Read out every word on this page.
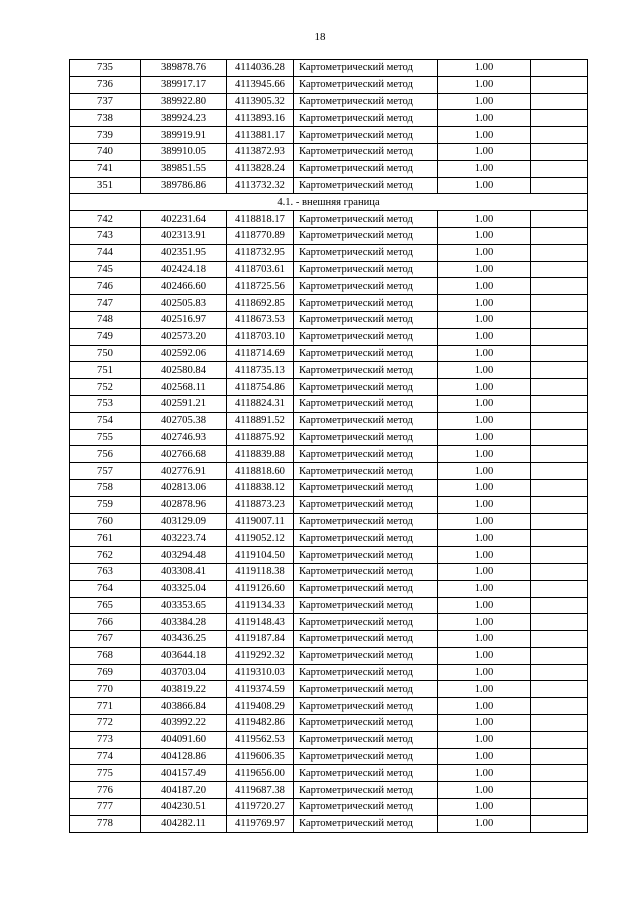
18
735	389878.76	4114036.28	Картометрический метод	1.00		
736	389917.17	4113945.66	Картометрический метод	1.00		
737	389922.80	4113905.32	Картометрический метод	1.00		
738	389924.23	4113893.16	Картометрический метод	1.00		
739	389919.91	4113881.17	Картометрический метод	1.00		
740	389910.05	4113872.93	Картометрический метод	1.00		
741	389851.55	4113828.24	Картометрический метод	1.00		
351	389786.86	4113732.32	Картометрический метод	1.00		
4.1. - внешняя граница						
742	402231.64	4118818.17	Картометрический метод	1.00		
743	402313.91	4118770.89	Картометрический метод	1.00		
744	402351.95	4118732.95	Картометрический метод	1.00		
745	402424.18	4118703.61	Картометрический метод	1.00		
746	402466.60	4118725.56	Картометрический метод	1.00		
747	402505.83	4118692.85	Картометрический метод	1.00		
748	402516.97	4118673.53	Картометрический метод	1.00		
749	402573.20	4118703.10	Картометрический метод	1.00		
750	402592.06	4118714.69	Картометрический метод	1.00		
751	402580.84	4118735.13	Картометрический метод	1.00		
752	402568.11	4118754.86	Картометрический метод	1.00		
753	402591.21	4118824.31	Картометрический метод	1.00		
754	402705.38	4118891.52	Картометрический метод	1.00		
755	402746.93	4118875.92	Картометрический метод	1.00		
756	402766.68	4118839.88	Картометрический метод	1.00		
757	402776.91	4118818.60	Картометрический метод	1.00		
758	402813.06	4118838.12	Картометрический метод	1.00		
759	402878.96	4118873.23	Картометрический метод	1.00		
760	403129.09	4119007.11	Картометрический метод	1.00		
761	403223.74	4119052.12	Картометрический метод	1.00		
762	403294.48	4119104.50	Картометрический метод	1.00		
763	403308.41	4119118.38	Картометрический метод	1.00		
764	403325.04	4119126.60	Картометрический метод	1.00		
765	403353.65	4119134.33	Картометрический метод	1.00		
766	403384.28	4119148.43	Картометрический метод	1.00		
767	403436.25	4119187.84	Картометрический метод	1.00		
768	403644.18	4119292.32	Картометрический метод	1.00		
769	403703.04	4119310.03	Картометрический метод	1.00		
770	403819.22	4119374.59	Картометрический метод	1.00		
771	403866.84	4119408.29	Картометрический метод	1.00		
772	403992.22	4119482.86	Картометрический метод	1.00		
773	404091.60	4119562.53	Картометрический метод	1.00		
774	404128.86	4119606.35	Картометрический метод	1.00		
775	404157.49	4119656.00	Картометрический метод	1.00		
776	404187.20	4119687.38	Картометрический метод	1.00		
777	404230.51	4119720.27	Картометрический метод	1.00		
778	404282.11	4119769.97	Картометрический метод	1.00		
